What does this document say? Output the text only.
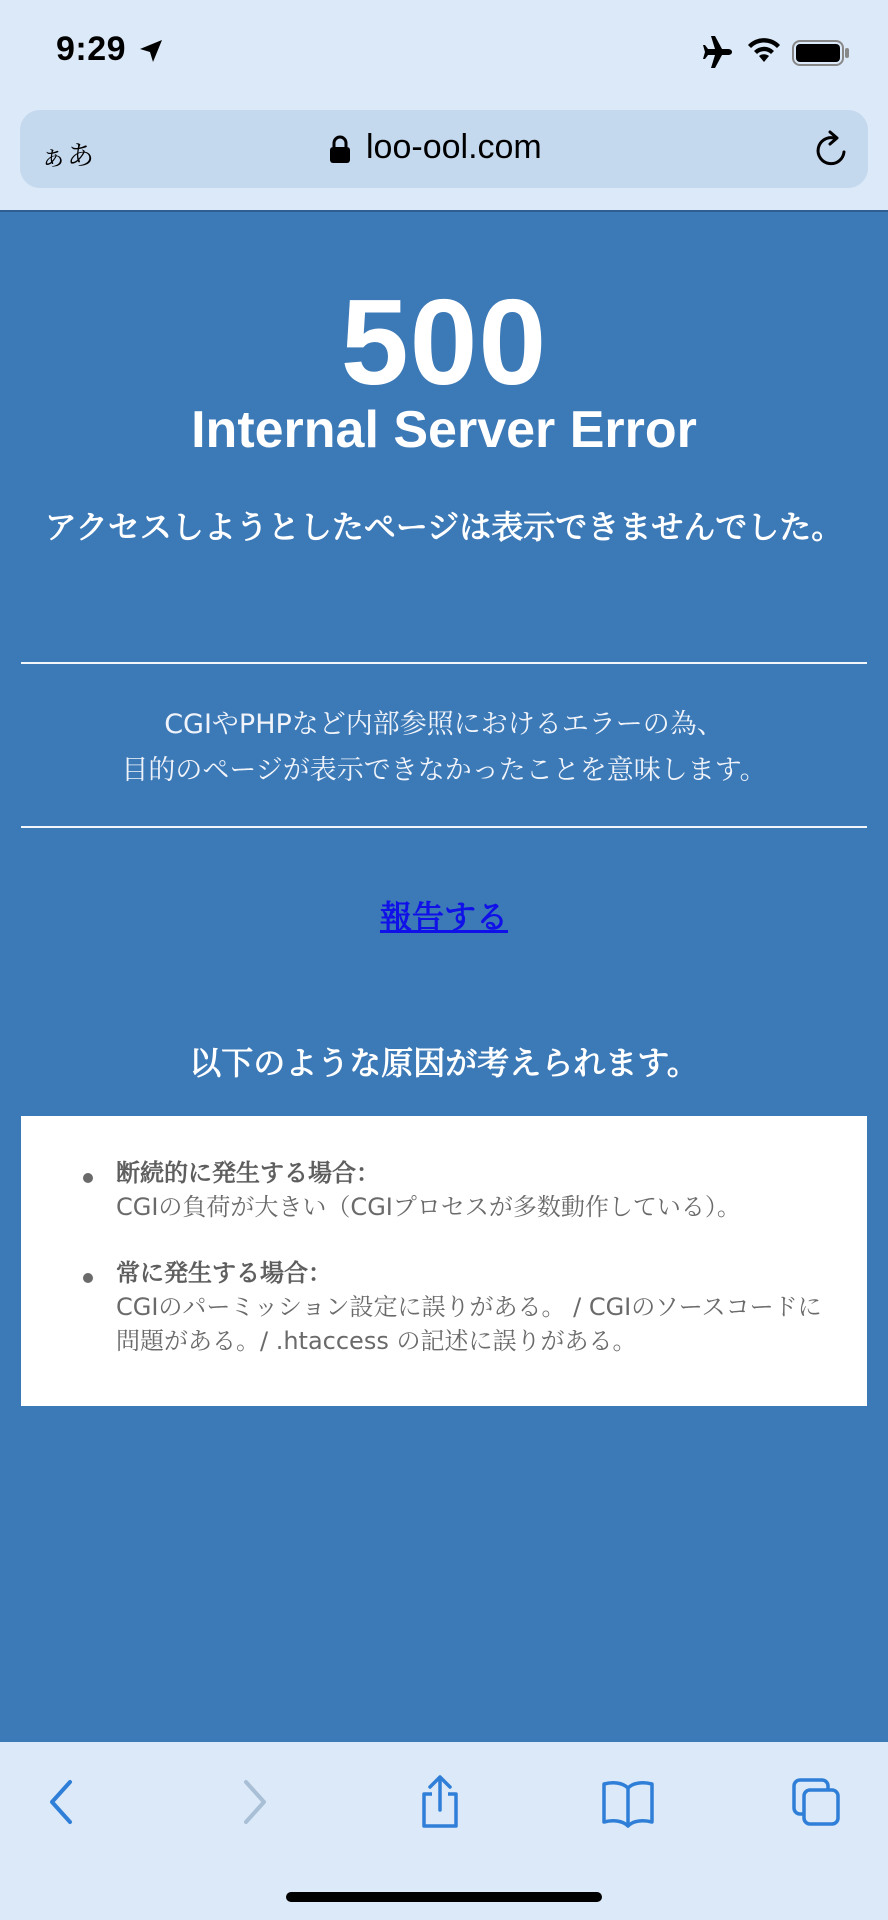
9:29
ぁあ	loo-ool.com
500
Internal Server Error
アクセスしようとしたページは表示できませんでした。
CGIやPHPなど内部参照におけるエラーの為、
目的のページが表示できなかったことを意味します。
報告する
以下のような原因が考えられます。
断続的に発生する場合：
CGIの負荷が大きい（CGIプロセスが多数動作している）。
常に発生する場合：
CGIのパーミッション設定に誤りがある。 / CGIのソースコードに問題がある。/ .htaccess の記述に誤りがある。
